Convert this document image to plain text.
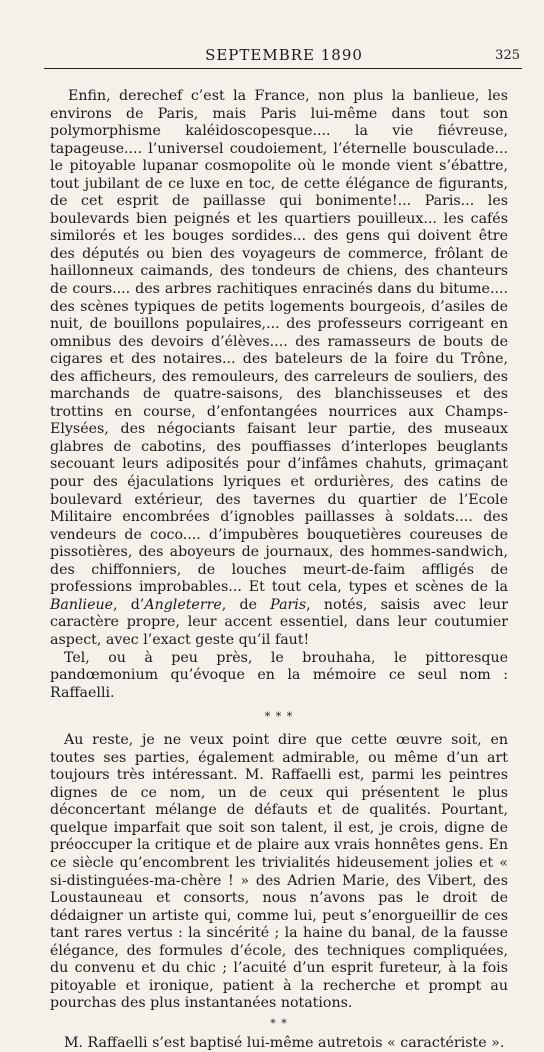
SEPTEMBRE 1890	325

Enfin, derechef c’est la France, non plus la banlieue, les environs de Paris, mais Paris lui-même dans tout son polymorphisme kaléidoscopesque.... la vie fiévreuse, tapageuse.... l’universel coudoiement, l’éternelle bousculade... le pitoyable lupanar cosmopolite où le monde vient s’ébattre, tout jubilant de ce luxe en toc, de cette élégance de figurants, de cet esprit de paillasse qui bonimente!... Paris... les boulevards bien peignés et les quartiers pouilleux... les cafés similorés et les bouges sordides... des gens qui doivent être des députés ou bien des voyageurs de commerce, frôlant de haillonneux caimands, des tondeurs de chiens, des chanteurs de cours.... des arbres rachitiques enracinés dans du bitume.... des scènes typiques de petits logements bourgeois, d’asiles de nuit, de bouillons populaires,... des professeurs corrigeant en omnibus des devoirs d’élèves.... des ramasseurs de bouts de cigares et des notaires... des bateleurs de la foire du Trône, des afficheurs, des remouleurs, des carreleurs de souliers, des marchands de quatre-saisons, des blanchisseuses et des trottins en course, d’enfontangées nourrices aux Champs-Elysées, des négociants faisant leur partie, des museaux glabres de cabotins, des pouffiasses d’interlopes beuglants secouant leurs adiposités pour d’infâmes chahuts, grimaçant pour des éjaculations lyriques et ordurières, des catins de boulevard extérieur, des tavernes du quartier de l’Ecole Militaire encombrées d’ignobles paillasses à soldats.... des vendeurs de coco.... d’impubères bouquetières coureuses de pissotières, des aboyeurs de journaux, des hommes-sandwich, des chiffonniers, de louches meurt-de-faim affligés de professions improbables... Et tout cela, types et scènes de la Banlieue, d’Angleterre, de Paris, notés, saisis avec leur caractère propre, leur accent essentiel, dans leur coutumier aspect, avec l’exact geste qu’il faut!

Tel, ou à peu près, le brouhaha, le pittoresque pandœmonium qu’évoque en la mémoire ce seul nom : Raffaelli.

* * *

Au reste, je ne veux point dire que cette œuvre soit, en toutes ses parties, également admirable, ou même d’un art toujours très intéressant. M. Raffaelli est, parmi les peintres dignes de ce nom, un de ceux qui présentent le plus déconcertant mélange de défauts et de qualités. Pourtant, quelque imparfait que soit son talent, il est, je crois, digne de préoccuper la critique et de plaire aux vrais honnêtes gens. En ce siècle qu’encombrent les trivialités hideusement jolies et « si-distinguées-ma-chère ! » des Adrien Marie, des Vibert, des Loustauneau et consorts, nous n’avons pas le droit de dédaigner un artiste qui, comme lui, peut s’enorgueillir de ces tant rares vertus : la sincérité ; la haine du banal, de la fausse élégance, des formules d’école, des techniques compliquées, du convenu et du chic ; l’acuité d’un esprit fureteur, à la fois pitoyable et ironique, patient à la recherche et prompt au pourchas des plus instantanées notations.

* *

M. Raffaelli s’est baptisé lui-même autretois « caractériste ».
